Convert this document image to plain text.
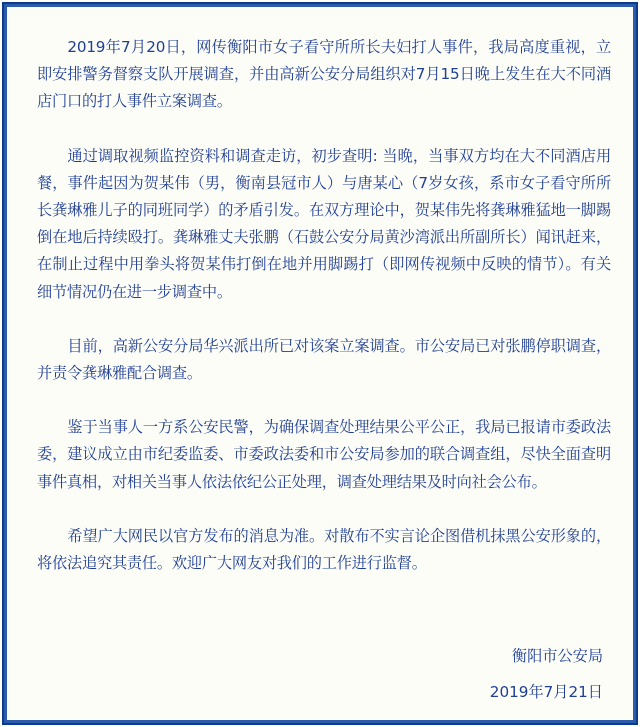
2019年7月20日，网传衡阳市女子看守所所长夫妇打人事件，我局高度重视，立即安排警务督察支队开展调查，并由高新公安分局组织对7月15日晚上发生在大不同酒店门口的打人事件立案调查。

通过调取视频监控资料和调查走访，初步查明: 当晚，当事双方均在大不同酒店用餐，事件起因为贺某伟（男，衡南县冠市人）与唐某心（7岁女孩，系市女子看守所所长龚琳雅儿子的同班同学）的矛盾引发。在双方理论中，贺某伟先将龚琳雅猛地一脚踢倒在地后持续殴打。龚琳雅丈夫张鹏（石鼓公安分局黄沙湾派出所副所长）闻讯赶来，在制止过程中用拳头将贺某伟打倒在地并用脚踢打（即网传视频中反映的情节）。有关细节情况仍在进一步调查中。

目前，高新公安分局华兴派出所已对该案立案调查。市公安局已对张鹏停职调查，并责令龚琳雅配合调查。

鉴于当事人一方系公安民警，为确保调查处理结果公平公正，我局已报请市委政法委，建议成立由市纪委监委、市委政法委和市公安局参加的联合调查组，尽快全面查明事件真相，对相关当事人依法依纪公正处理，调查处理结果及时向社会公布。

希望广大网民以官方发布的消息为准。对散布不实言论企图借机抹黑公安形象的，将依法追究其责任。欢迎广大网友对我们的工作进行监督。

衡阳市公安局
2019年7月21日
